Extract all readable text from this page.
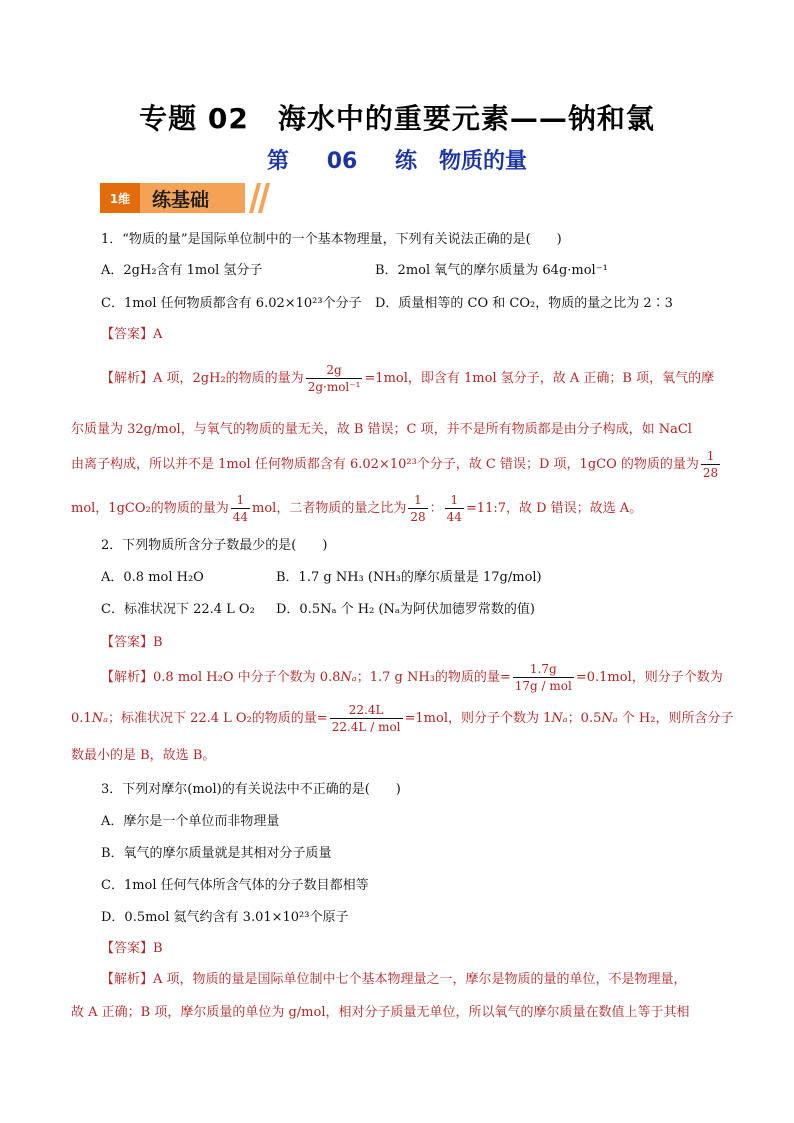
专题 02　海水中的重要元素——钠和氯
第 06 练　物质的量
1维	练基础
1．“物质的量”是国际单位制中的一个基本物理量，下列有关说法正确的是(　　)
A．2gH₂含有 1mol 氢分子	B．2mol 氧气的摩尔质量为 64g·mol⁻¹
C．1mol 任何物质都含有 6.02×10²³个分子 D．质量相等的 CO 和 CO₂，物质的量之比为 2∶3
【答案】A
【解析】A 项，2gH₂的物质的量为 $\frac{2g}{\text{2g·mol⁻¹}} =1mol$，即含有 1mol 氢分子，故 A 正确；B 项，氧气的摩
尔质量为 32g/mol，与氧气的物质的量无关，故 B 错误；C 项，并不是所有物质都是由分子构成，如 NaCl
由离子构成，所以并不是 1mol 任何物质都含有 6.02×10²³个分子，故 C 错误；D 项，1gCO 的物质的量为 $\frac{1}{28}$
mol，1gCO₂的物质的量为 $\frac{1}{44}$ mol，二者物质的量之比为 $\frac{1}{28}$ ： $\frac{1}{44}$ =11:7，故 D 错误；故选 A。
2．下列物质所含分子数最少的是(　　)
A．0.8 mol H₂O	B．1.7 g NH₃ (NH₃的摩尔质量是 17g/mol)
C．标准状况下 22.4 L O₂ D．0.5Nₐ 个 H₂ (Nₐ为阿伏加德罗常数的值)
【答案】B
【解析】0.8 mol H₂O 中分子个数为 0.8Nₐ；1.7 g NH₃的物质的量= $\frac{1.7g}{\text{17g / mol}} =0.1mol$，则分子个数为
0.1Nₐ；标准状况下 22.4 L O₂的物质的量= $\frac{22.4L}{\text{22.4L / mol}} =1mol$，则分子个数为 1Nₐ；0.5Nₐ 个 H₂，则所含分子
数最小的是 B，故选 B。
3．下列对摩尔(mol)的有关说法中不正确的是(　　)
A．摩尔是一个单位而非物理量
B．氧气的摩尔质量就是其相对分子质量
C．1mol 任何气体所含气体的分子数目都相等
D．0.5mol 氦气约含有 3.01×10²³个原子
【答案】B
【解析】A 项，物质的量是国际单位制中七个基本物理量之一，摩尔是物质的量的单位，不是物理量，
故 A 正确；B 项，摩尔质量的单位为 g/mol，相对分子质量无单位，所以氧气的摩尔质量在数值上等于其相
